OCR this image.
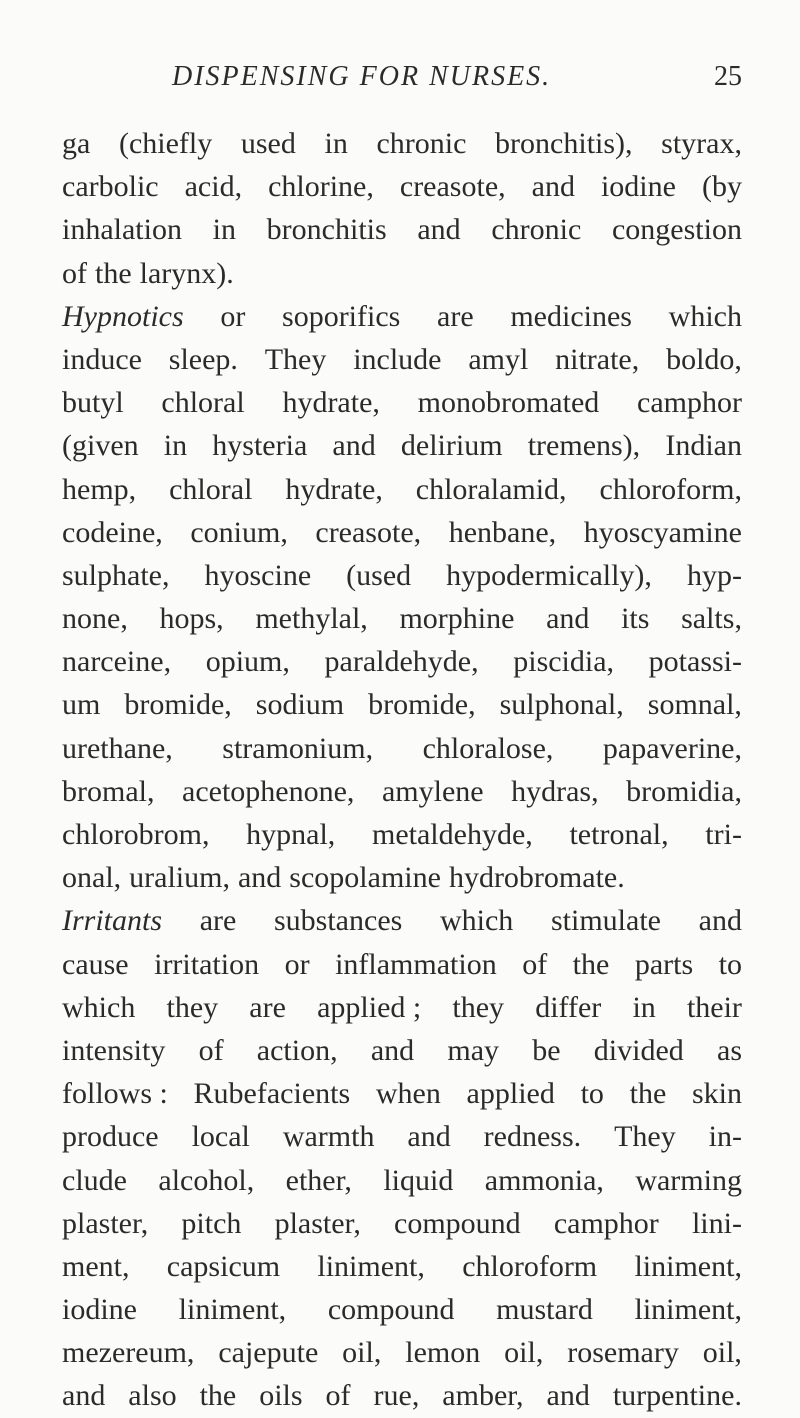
DISPENSING FOR NURSES.	25
ga (chiefly used in chronic bronchitis), styrax,
carbolic acid, chlorine, creasote, and iodine (by
inhalation in bronchitis and chronic congestion
of the larynx).
Hypnotics or soporifics are medicines which
induce sleep. They include amyl nitrate, boldo,
butyl chloral hydrate, monobromated camphor
(given in hysteria and delirium tremens), Indian
hemp, chloral hydrate, chloralamid, chloroform,
codeine, conium, creasote, henbane, hyoscyamine
sulphate, hyoscine (used hypodermically), hyp-
none, hops, methylal, morphine and its salts,
narceine, opium, paraldehyde, piscidia, potassi-
um bromide, sodium bromide, sulphonal, somnal,
urethane, stramonium, chloralose, papaverine,
bromal, acetophenone, amylene hydras, bromidia,
chlorobrom, hypnal, metaldehyde, tetronal, tri-
onal, uralium, and scopolamine hydrobromate.
Irritants are substances which stimulate and
cause irritation or inflammation of the parts to
which they are applied ; they differ in their
intensity of action, and may be divided as
follows : Rubefacients when applied to the skin
produce local warmth and redness. They in-
clude alcohol, ether, liquid ammonia, warming
plaster, pitch plaster, compound camphor lini-
ment, capsicum liniment, chloroform liniment,
iodine liniment, compound mustard liniment,
mezereum, cajepute oil, lemon oil, rosemary oil,
and also the oils of rue, amber, and turpentine.
